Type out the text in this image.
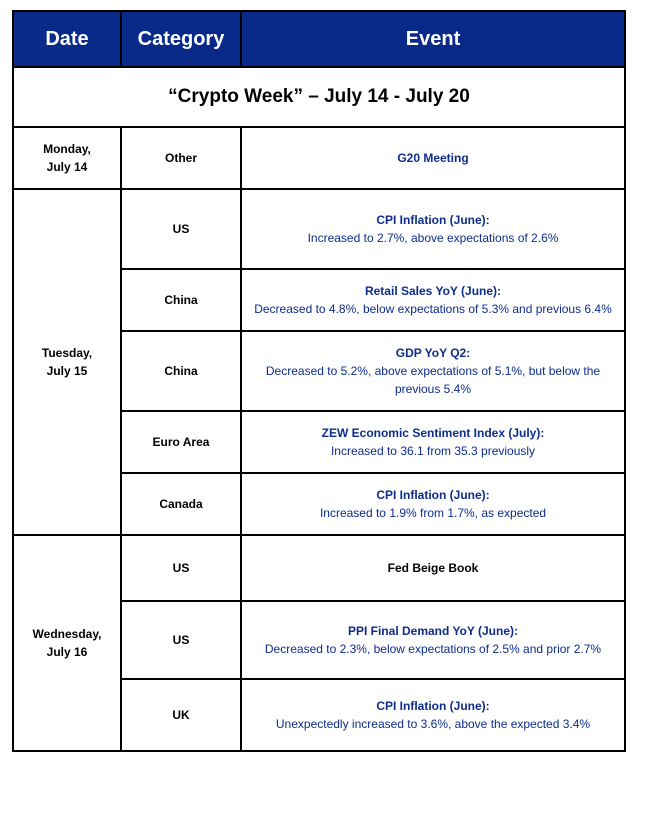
Date	Category	Event
“Crypto Week” – July 14 - July 20		
Monday,
July 14	Other	G20 Meeting

Tuesday,
July 15	US	CPI Inflation (June):
Increased to 2.7%, above expectations of 2.6%

	China	Retail Sales YoY (June):
Decreased to 4.8%, below expectations of 5.3% and previous 6.4%

	China	GDP YoY Q2:
Decreased to 5.2%, above expectations of 5.1%, but below the previous 5.4%

	Euro Area	ZEW Economic Sentiment Index (July):
Increased to 36.1 from 35.3 previously

	Canada	CPI Inflation (June):
Increased to 1.9% from 1.7%, as expected

Wednesday,
July 16	US	Fed Beige Book

	US	PPI Final Demand YoY (June):
Decreased to 2.3%, below expectations of 2.5% and prior 2.7%

	UK	CPI Inflation (June):
Unexpectedly increased to 3.6%, above the expected 3.4%
